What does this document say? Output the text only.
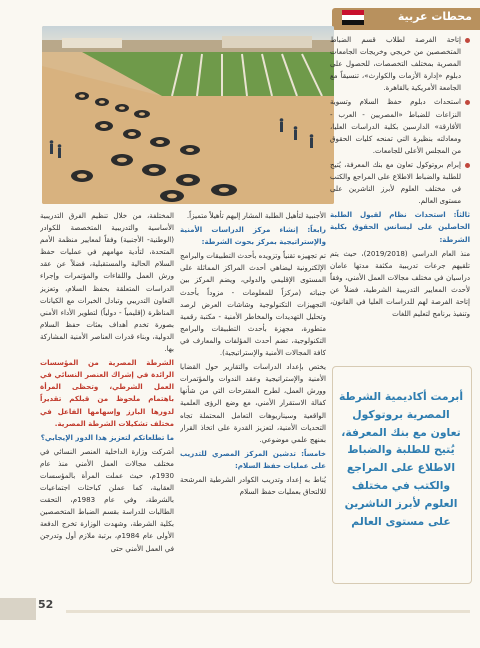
محطات عربية

إتاحة الفرصة لطلاب قسم الضباط المتخصصين من خريجي وخريجات الجامعات المصرية بمختلف التخصصات، للحصول على دبلوم «إدارة الأزمات والكوارث»، تنسيقاً مع الجامعة الأمريكية بالقاهرة.

استحداث دبلوم حفظ السلام وتسوية النزاعات للضباط «المصريين - العرب - الأفارقة» الدارسين بكلية الدراسات العليا، ومعادلته بنظيرة التي تمنحه كليات الحقوق من المجلس الأعلى للجامعات.

إبرام بروتوكول تعاون مع بنك المعرفة، يُتيح للطلبة والضباط الاطلاع على المراجع والكتب في مختلف العلوم لأبرز الناشرين على مستوى العالم.

ثالثاً: استحداث نظام لقبول الطلبة الحاصلين على ليسانس الحقوق بكلية الشرطة:

منذ العام الدراسي (2019/2018)، حيث يتم تلقيهم جرعات تدريبية مكثفة مدتها عامان دراسيان في مختلف مجالات العمل الأمني، وفقاً لأحدث المعايير التدريبية الشرطية، فضلاً عن إتاحة الفرصة لهم للدراسات العليا في القانون، وتنفيذ برنامج لتعليم اللغات

الأجنبية لتأهيل الطلبة المشار إليهم تأهيلاً متميزاً.

رابعاً: إنشاء مركز الدراسات الأمنية والإستراتيجية بمركز بحوث الشرطة:

تم تجهيزه تقنياً وتزويده بأحدث التطبيقات والبرامج الإلكترونية ليضاهي أحدث المراكز المماثلة على المستوى الإقليمي والدولي، ويضم المركز بين جنباته (مركزاً للمعلومات - مزوداً بأحدث التجهيزات التكنولوجية وشاشات العرض لرصد وتحليل التهديدات والمخاطر الأمنية - مكتبة رقمية متطورة، مجهزة بأحدث التطبيقات والبرامج التكنولوجية، تضم أحدث المؤلفات والمعارف في كافة المجالات الأمنية والإستراتيجية).

يختص بإعداد الدراسات والتقارير حول القضايا الأمنية والإستراتيجية وعقد الندوات والمؤتمرات وورش العمل، لطرح المقترحات التي من شأنها كفالة الاستقرار الأمني، مع وضع الرؤى العلمية الواقعية وسيناريوهات التعامل المحتملة تجاه التحديات الأمنية، لتعزيز القدرة على اتخاذ القرار بمنهج علمي موضوعي.

خامساً: تدشين المركز المصري للتدريب على عمليات حفظ السلام:

يُناط به إعداد وتدريب الكوادر الشرطية المرشحة للالتحاق بعمليات حفظ السلام

المختلفة، من خلال تنظيم الفرق التدريبية الأساسية والتدريبية المتخصصة للكوادر (الوطنية- الأجنبية) وفقاً لمعايير منظمة الأمم المتحدة، لتأدية مهامهم في عمليات حفظ السلام الحالية والمستقبلية، فضلاً عن عقد ورش العمل واللقاءات والمؤتمرات وإجراء الدراسات المتعلقة بحفظ السلام، وتعزيز التعاون التدريبي وتبادل الخبرات مع الكيانات المناظرة (إقليمياً - دولياً) لتطوير الأداء الأمني بصورة تخدم أهداف بعثات حفظ السلام الدولية، وبناء قدرات العناصر الأمنية المشاركة بها.

الشرطة المصرية من المؤسسات الرائدة في إشراك العنصر النسائي في العمل الشرطي، وتحظى المرأة باهتمام ملحوظ من قبلكم تقديراً لدورها البارز وإسهامها الفاعل في مختلف تشكيلات الشرطة المصرية.

ما تطلعاتكم لتعزيز هذا الدور الإيجابي؟

أشركت وزارة الداخلية العنصر النسائي في مختلف مجالات العمل الأمني منذ عام 1930م، حيث عملت المرأة بالمؤسسات العقابية، كما عملن كباحثات اجتماعيات بالشرطة، وفي عام 1983م، التحقت الطالبات للدراسة بقسم الضباط المتخصصين بكلية الشرطة، وشهدت الوزارة تخرج الدفعة الأولى عام 1984م، برتبة ملازم أول وتدرجن في العمل الأمني حتى

أبرمت أكاديمية الشرطة المصرية بروتوكول تعاون مع بنك المعرفة، يُتيح للطلبة والضباط الاطلاع على المراجع والكتب في مختلف العلوم لأبرز الناشرين على مستوى العالم
52
